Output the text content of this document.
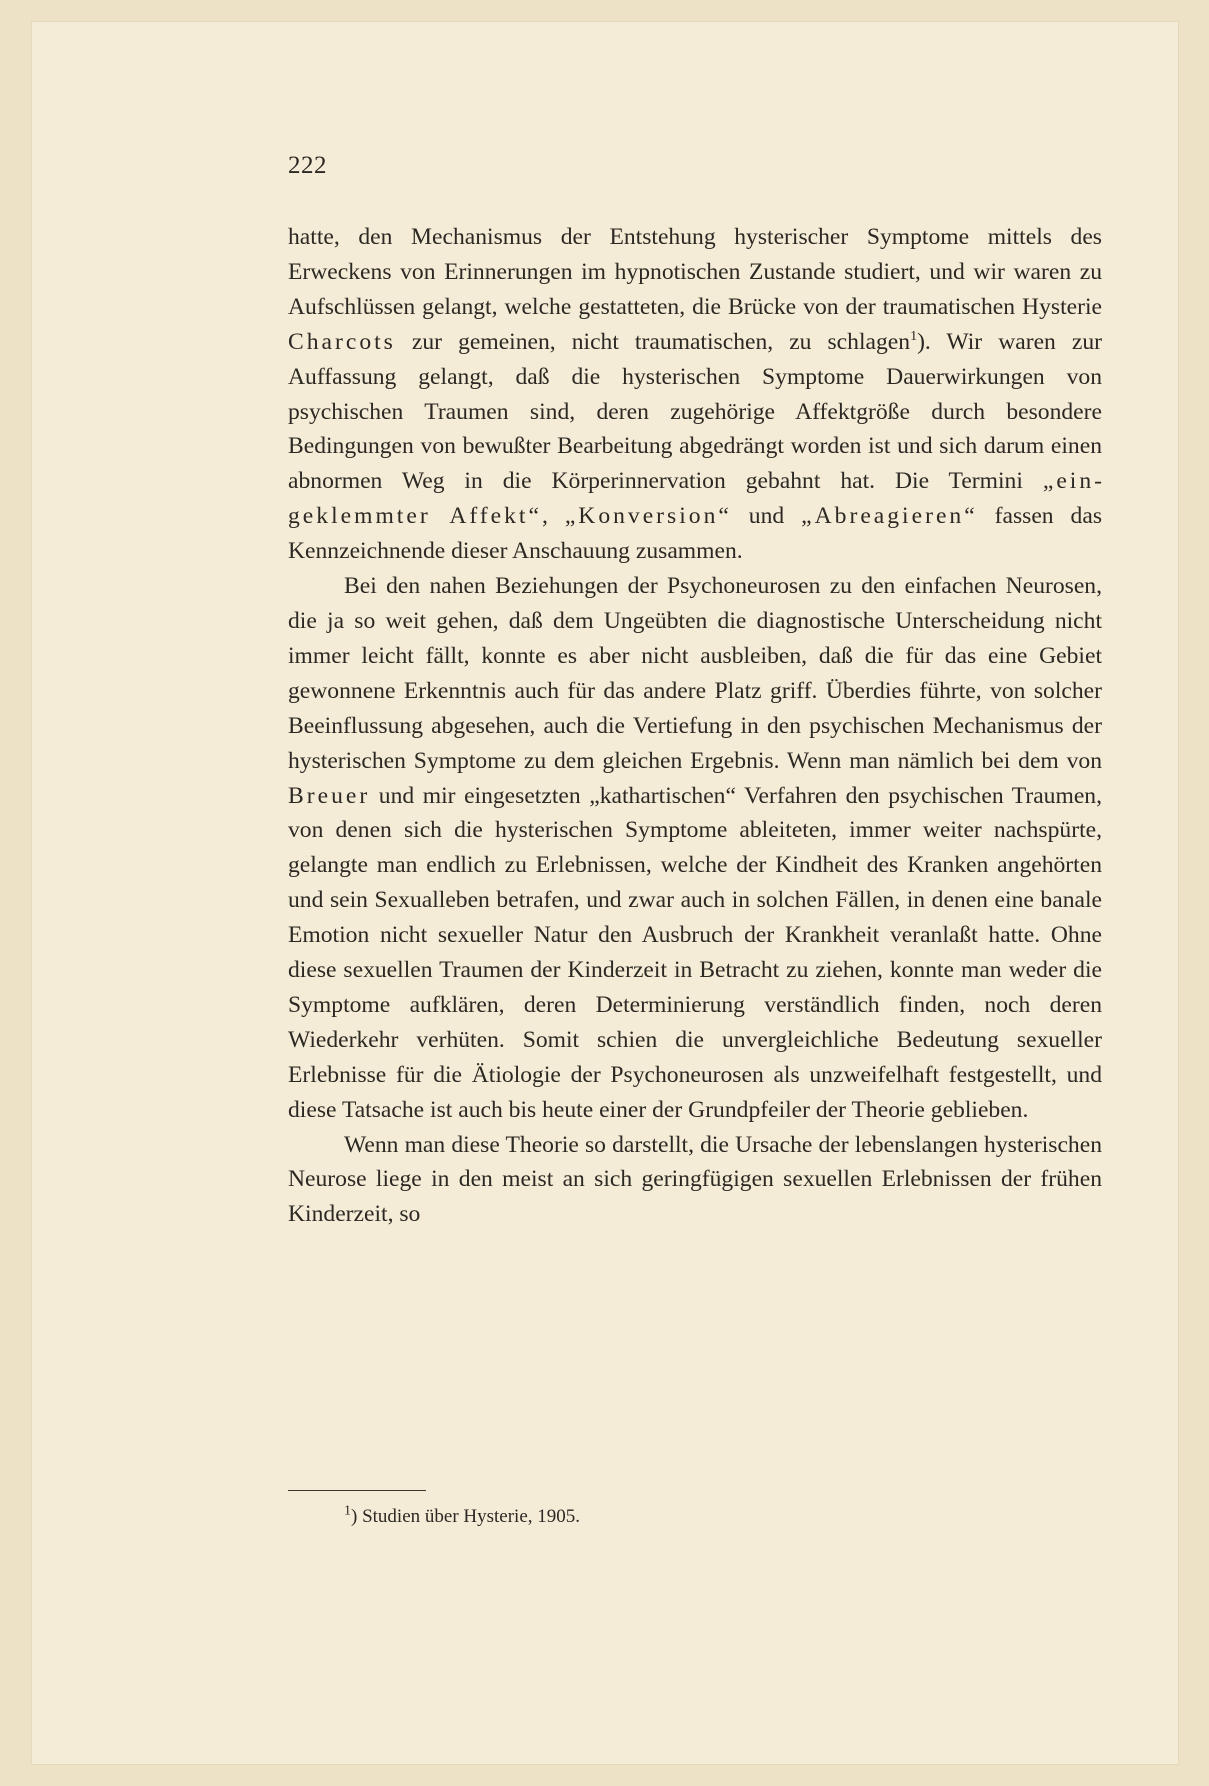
222

hatte, den Mechanismus der Entstehung hysterischer Symptome mittels des Erweckens von Erinnerungen im hypnotischen Zustande studiert, und wir waren zu Aufschlüssen gelangt, welche gestatteten, die Brücke von der traumatischen Hysterie Charcots zur gemeinen, nicht traumatischen, zu schlagen$^1$). Wir waren zur Auffassung gelangt, daß die hysterischen Symptome Dauerwirkungen von psychischen Traumen sind, deren zugehörige Affektgröße durch besondere Bedingungen von bewußter Bearbeitung abgedrängt worden ist und sich darum einen abnormen Weg in die Körperinnervation gebahnt hat. Die Termini „eingeklemmter Affekt“, „Konversion“ und „Abreagieren“ fassen das Kennzeichnende dieser Anschauung zusammen.

Bei den nahen Beziehungen der Psychoneurosen zu den einfachen Neurosen, die ja so weit gehen, daß dem Ungeübten die diagnostische Unterscheidung nicht immer leicht fällt, konnte es aber nicht ausbleiben, daß die für das eine Gebiet gewonnene Erkenntnis auch für das andere Platz griff. Überdies führte, von solcher Beeinflussung abgesehen, auch die Vertiefung in den psychischen Mechanismus der hysterischen Symptome zu dem gleichen Ergebnis. Wenn man nämlich bei dem von Breuer und mir eingesetzten „kathartischen“ Verfahren den psychischen Traumen, von denen sich die hysterischen Symptome ableiteten, immer weiter nachspürte, gelangte man endlich zu Erlebnissen, welche der Kindheit des Kranken angehörten und sein Sexualleben betrafen, und zwar auch in solchen Fällen, in denen eine banale Emotion nicht sexueller Natur den Ausbruch der Krankheit veranlaßt hatte. Ohne diese sexuellen Traumen der Kinderzeit in Betracht zu ziehen, konnte man weder die Symptome aufklären, deren Determinierung verständlich finden, noch deren Wiederkehr verhüten. Somit schien die unvergleichliche Bedeutung sexueller Erlebnisse für die Ätiologie der Psychoneurosen als unzweifelhaft festgestellt, und diese Tatsache ist auch bis heute einer der Grundpfeiler der Theorie geblieben.

Wenn man diese Theorie so darstellt, die Ursache der lebenslangen hysterischen Neurose liege in den meist an sich geringfügigen sexuellen Erlebnissen der frühen Kinderzeit, so

$^1$) Studien über Hysterie, 1905.
